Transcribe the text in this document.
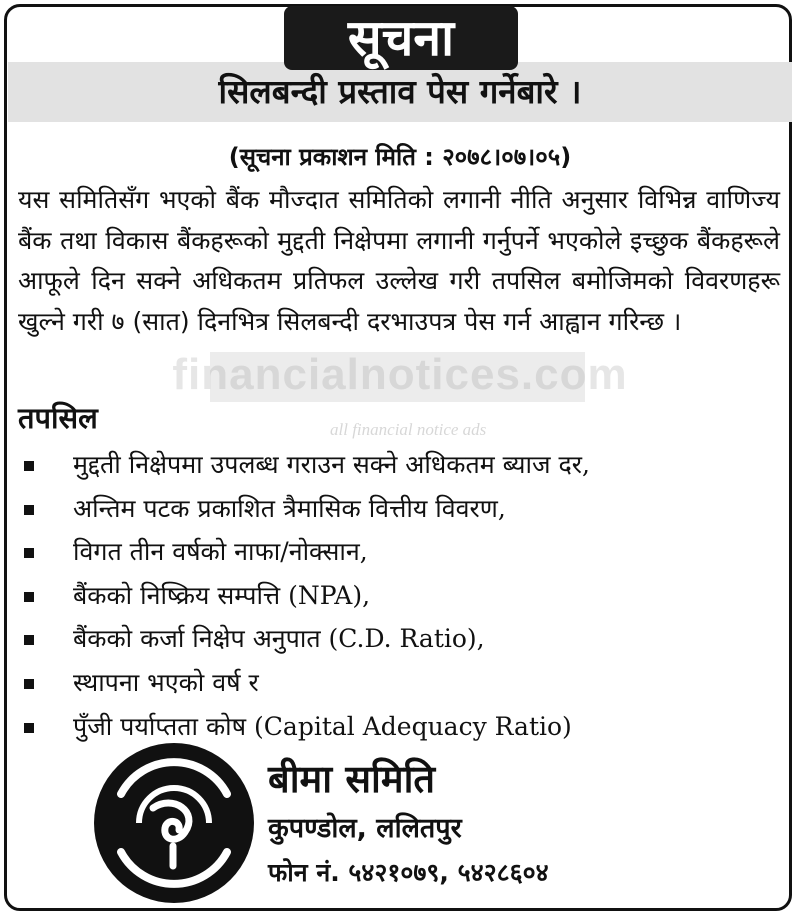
सूचना
सिलबन्दी प्रस्ताव पेस गर्नेबारे ।
(सूचना प्रकाशन मिति : २०७८।०७।०५)
यस समितिसँग भएको बैंक मौज्दात समितिको लगानी नीति अनुसार विभिन्न वाणिज्य बैंक तथा विकास बैंकहरूको मुद्दती निक्षेपमा लगानी गर्नुपर्ने भएकोले इच्छुक बैंकहरूले आफूले दिन सक्ने अधिकतम प्रतिफल उल्लेख गरी तपसिल बमोजिमको विवरणहरू खुल्ने गरी ७ (सात) दिनभित्र सिलबन्दी दरभाउपत्र पेस गर्न आह्वान गरिन्छ ।
financialnotices.com
all financial notice ads
तपसिल
मुद्दती निक्षेपमा उपलब्ध गराउन सक्ने अधिकतम ब्याज दर,
अन्तिम पटक प्रकाशित त्रैमासिक वित्तीय विवरण,
विगत तीन वर्षको नाफा/नोक्सान,
बैंकको निष्क्रिय सम्पत्ति (NPA),
बैंकको कर्जा निक्षेप अनुपात (C.D. Ratio),
स्थापना भएको वर्ष र
पुँजी पर्याप्तता कोष (Capital Adequacy Ratio)
बीमा समिति
कुपण्डोल, ललितपुर
फोन नं. ५४२१०७९, ५४२८६०४
